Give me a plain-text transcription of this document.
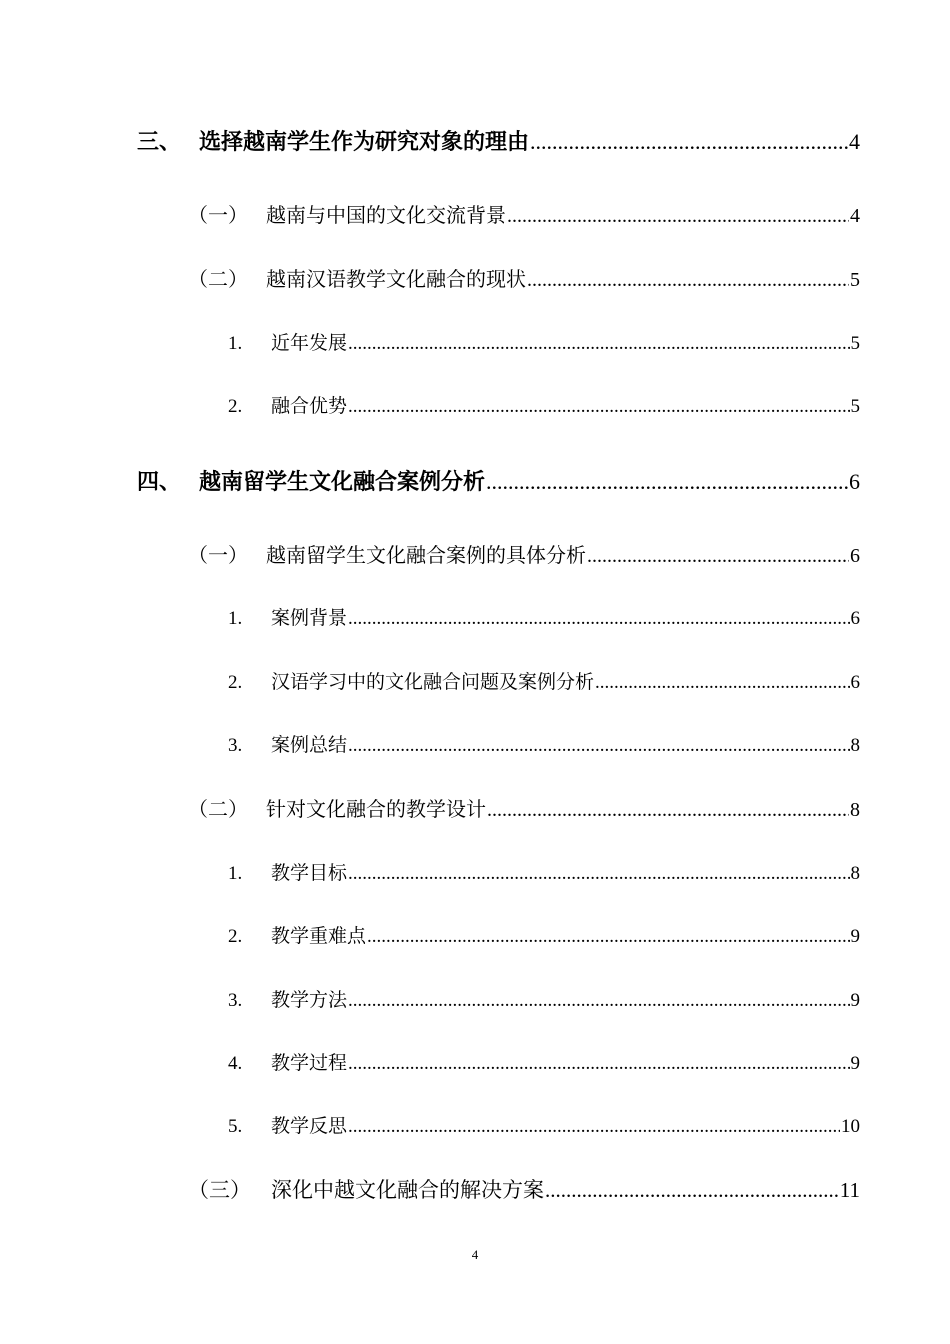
三、 选择越南学生作为研究对象的理由 .....	4
（一） 越南与中国的文化交流背景 .....	4
（二） 越南汉语教学文化融合的现状 .....	5
1.	近年发展 .....	5
2.	融合优势 .....	5
四、 越南留学生文化融合案例分析 .....	6
（一） 越南留学生文化融合案例的具体分析 .....	6
1.	案例背景 .....	6
2.	汉语学习中的文化融合问题及案例分析 .....	6
3.	案例总结 .....	8
（二） 针对文化融合的教学设计 .....	8
1.	教学目标 .....	8
2.	教学重难点 .....	9
3.	教学方法 .....	9
4.	教学过程 .....	9
5.	教学反思 .....	10
（三） 深化中越文化融合的解决方案 .....	11
4
